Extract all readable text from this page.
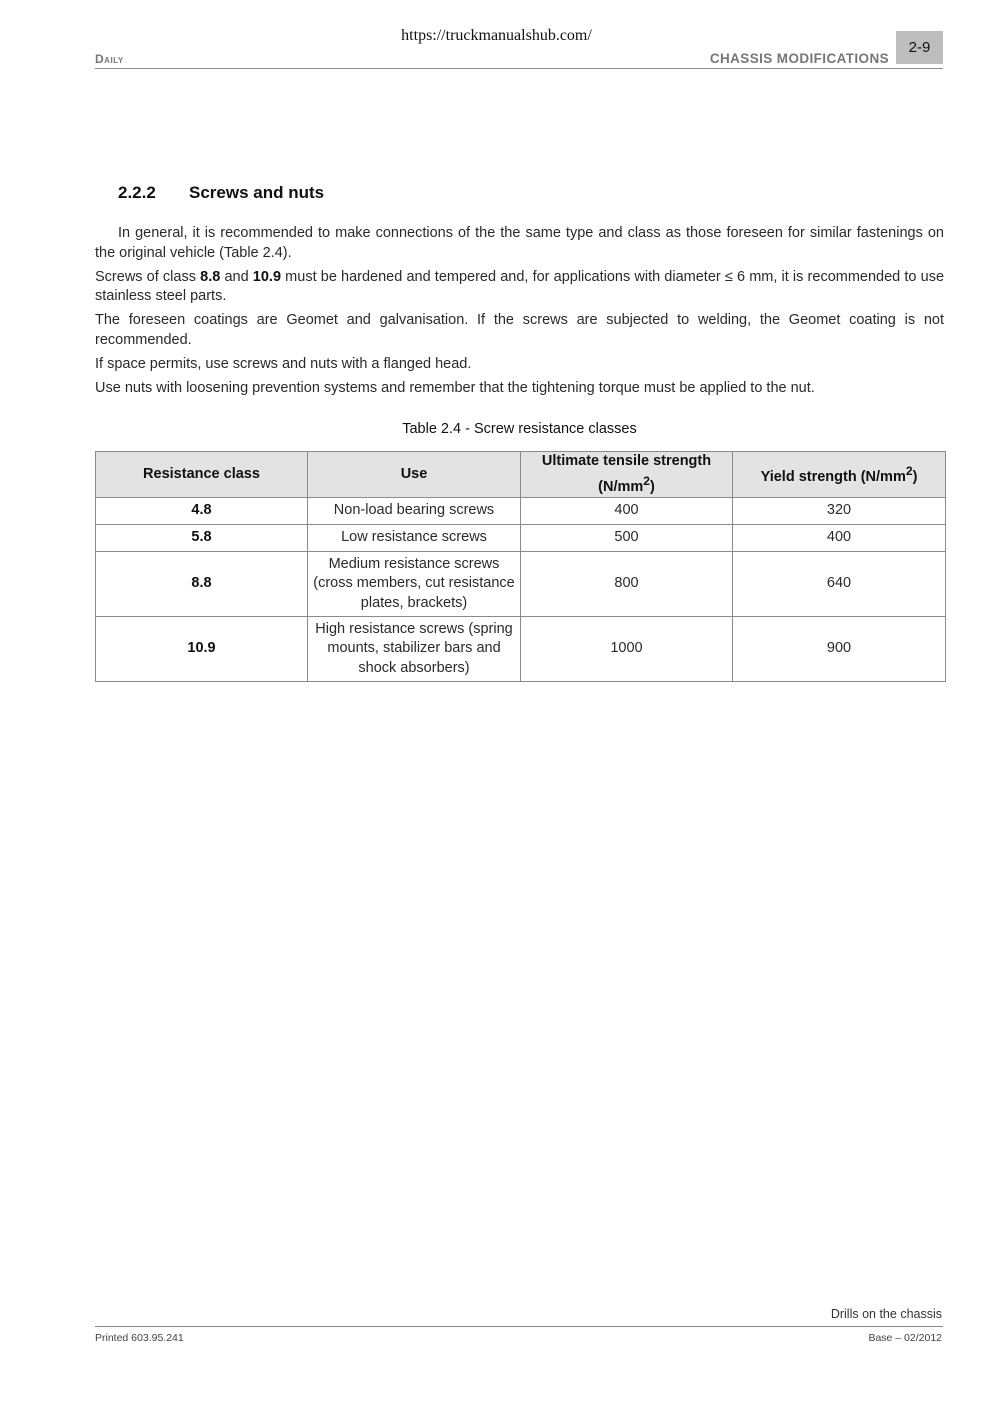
https://truckmanualshub.com/
Daily	CHASSIS MODIFICATIONS
2-9
2.2.2 Screws and nuts

In general, it is recommended to make connections of the the same type and class as those foreseen for similar fastenings on the original vehicle (Table 2.4).

Screws of class 8.8 and 10.9 must be hardened and tempered and, for applications with diameter ≤ 6 mm, it is recommended to use stainless steel parts.

The foreseen coatings are Geomet and galvanisation. If the screws are subjected to welding, the Geomet coating is not recommended.

If space permits, use screws and nuts with a flanged head.

Use nuts with loosening prevention systems and remember that the tightening torque must be applied to the nut.

Table 2.4 - Screw resistance classes
Resistance class	Use	Ultimate tensile strength $(N/mm^2)$	Yield strength $(N/mm^2)$
4.8	Non-load bearing screws	400	320
5.8	Low resistance screws	500	400
8.8	Medium resistance screws (cross members, cut resistance plates, brackets)	800	640
10.9	High resistance screws (spring mounts, stabilizer bars and shock absorbers)	1000	900
Drills on the chassis
Printed 603.95.241	Base – 02/2012
